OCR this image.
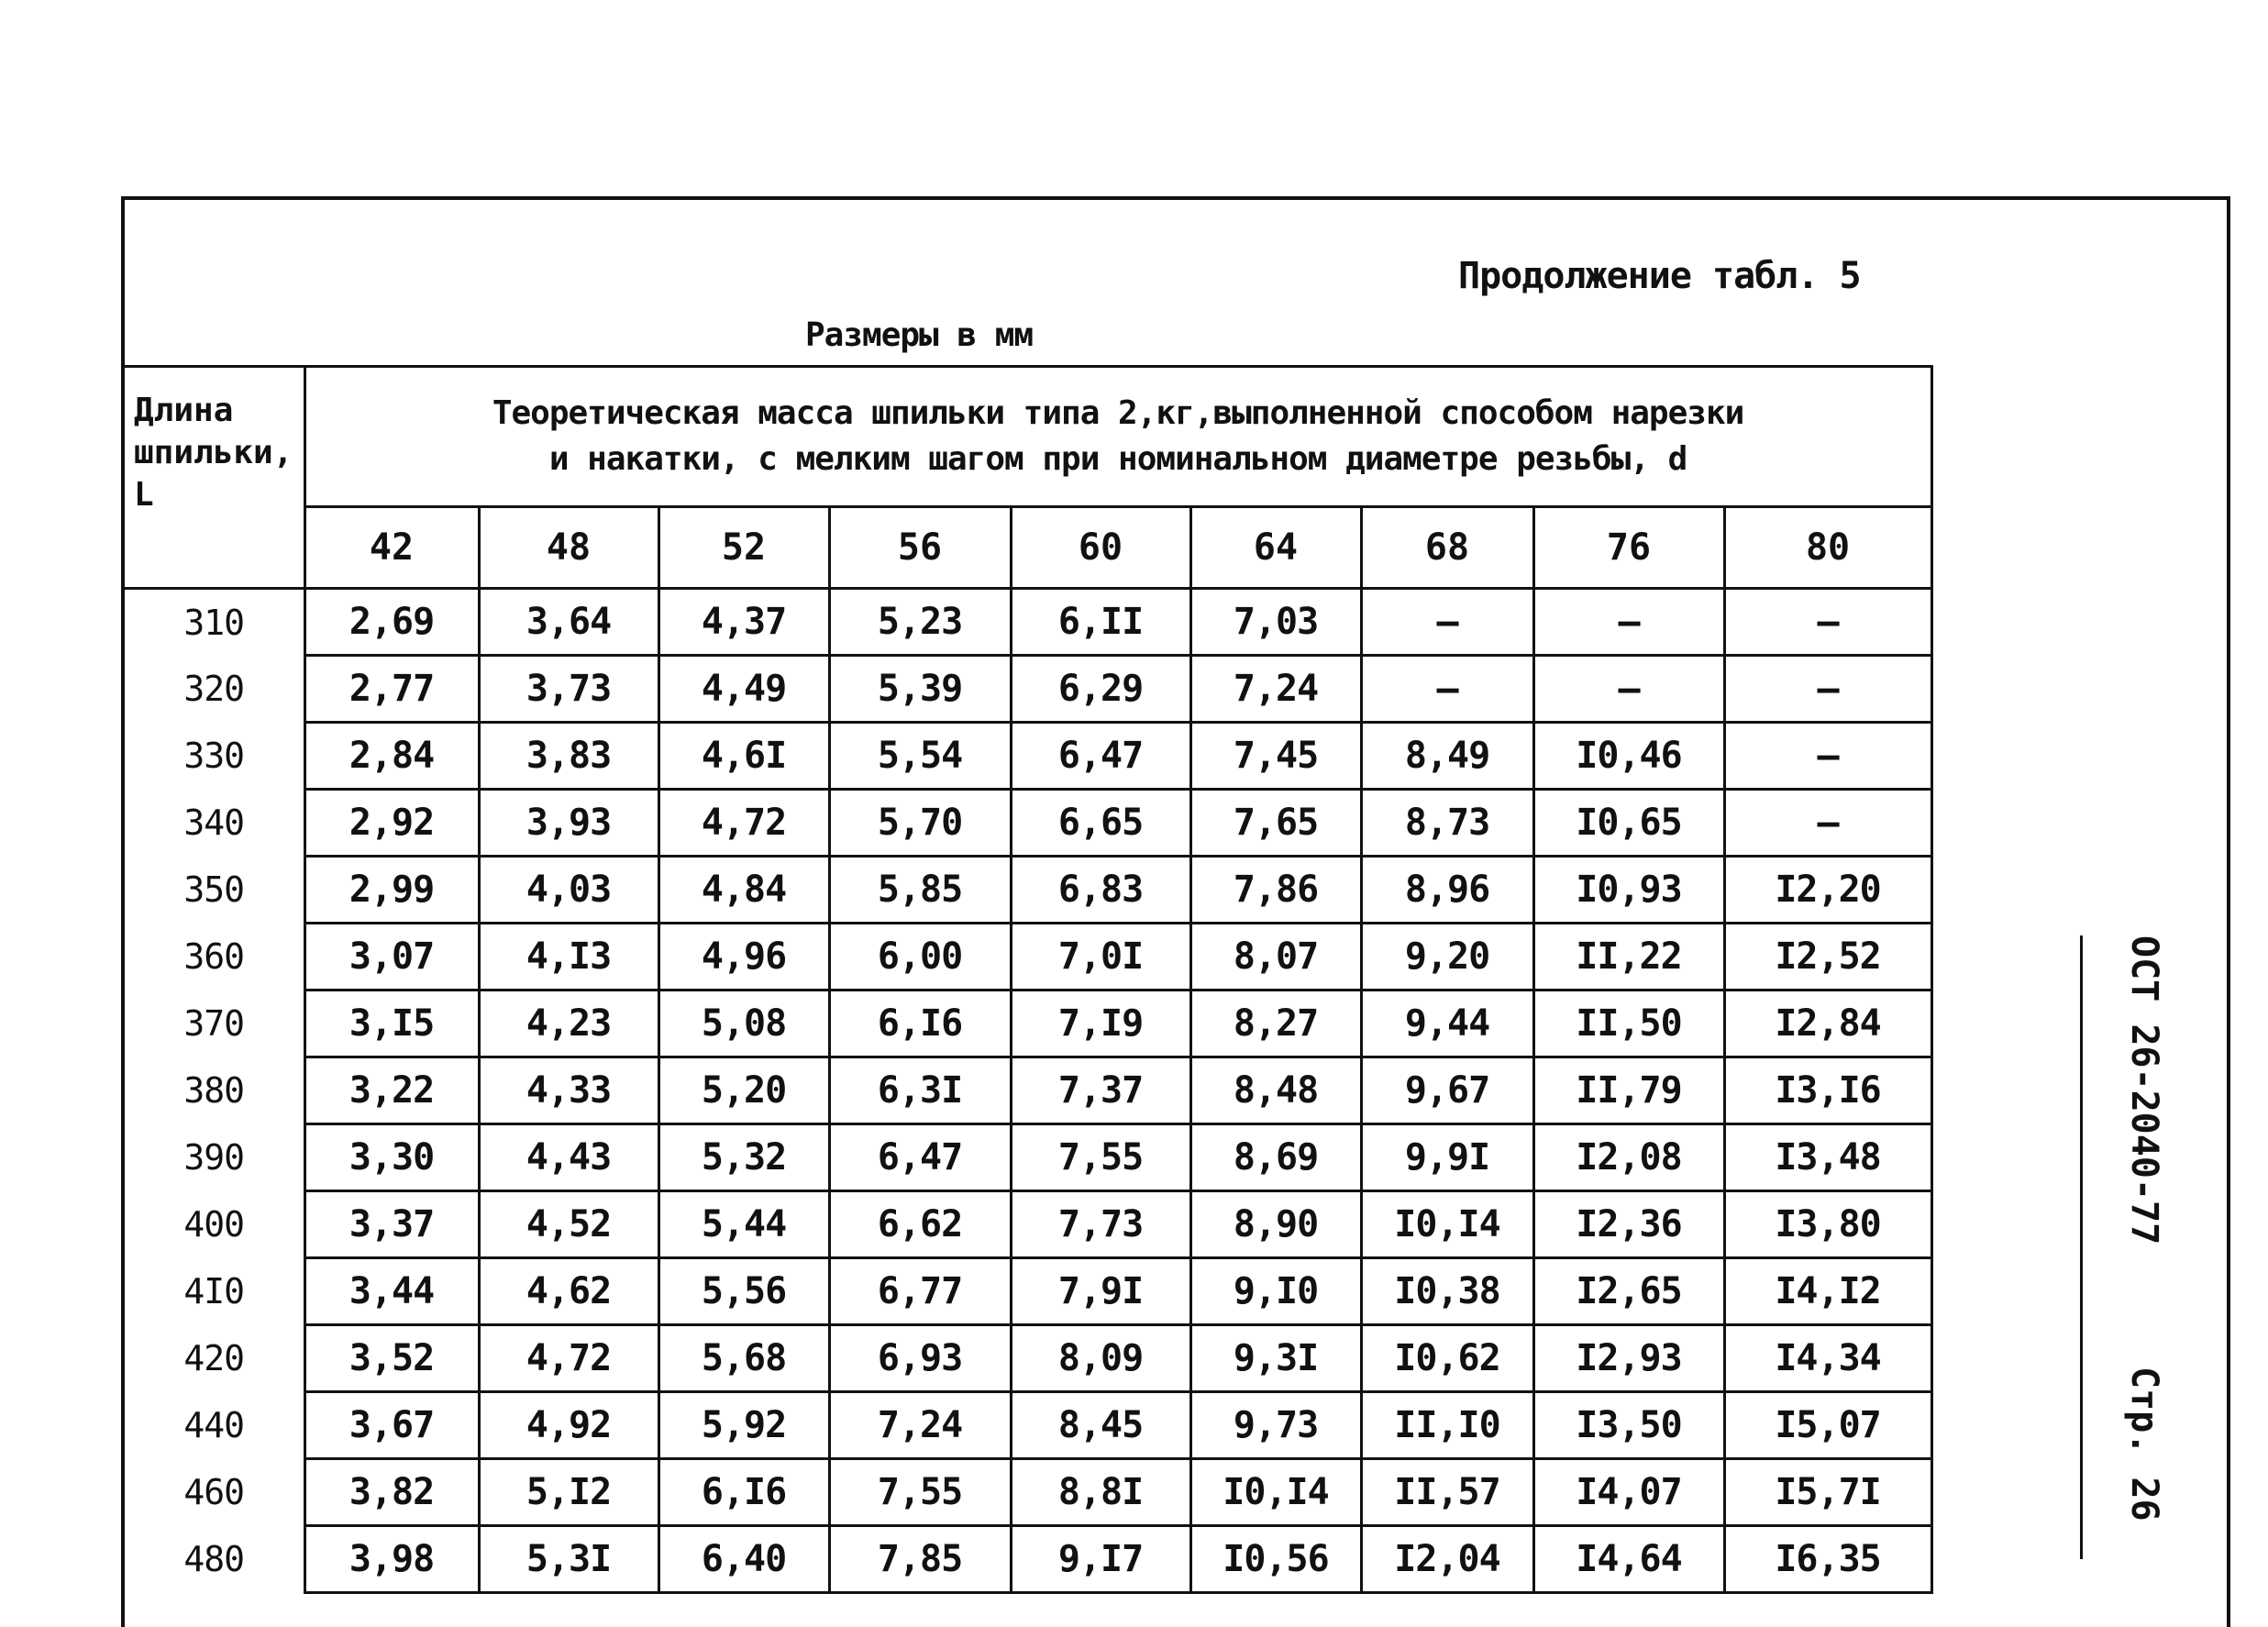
Продолжение табл. 5
Размеры в мм
Длина шпильки, L	Теоретическая масса шпильки типа 2,кг,выполненной способом нарезки
и накатки, с мелким шагом при номинальном диаметре резьбы, d								

	42	48	52	56	60	64	68	76	80
310	2,69	3,64	4,37	5,23	6,II	7,03	–	–	–
320	2,77	3,73	4,49	5,39	6,29	7,24	–	–	–
330	2,84	3,83	4,6I	5,54	6,47	7,45	8,49	I0,46	–
340	2,92	3,93	4,72	5,70	6,65	7,65	8,73	I0,65	–
350	2,99	4,03	4,84	5,85	6,83	7,86	8,96	I0,93	I2,20
360	3,07	4,I3	4,96	6,00	7,0I	8,07	9,20	II,22	I2,52
370	3,I5	4,23	5,08	6,I6	7,I9	8,27	9,44	II,50	I2,84
380	3,22	4,33	5,20	6,3I	7,37	8,48	9,67	II,79	I3,I6
390	3,30	4,43	5,32	6,47	7,55	8,69	9,9I	I2,08	I3,48
400	3,37	4,52	5,44	6,62	7,73	8,90	I0,I4	I2,36	I3,80
4I0	3,44	4,62	5,56	6,77	7,9I	9,I0	I0,38	I2,65	I4,I2
420	3,52	4,72	5,68	6,93	8,09	9,3I	I0,62	I2,93	I4,34
440	3,67	4,92	5,92	7,24	8,45	9,73	II,I0	I3,50	I5,07
460	3,82	5,I2	6,I6	7,55	8,8I	I0,I4	II,57	I4,07	I5,7I
480	3,98	5,3I	6,40	7,85	9,I7	I0,56	I2,04	I4,64	I6,35
ОСТ 26-2040-77
Стр. 26
